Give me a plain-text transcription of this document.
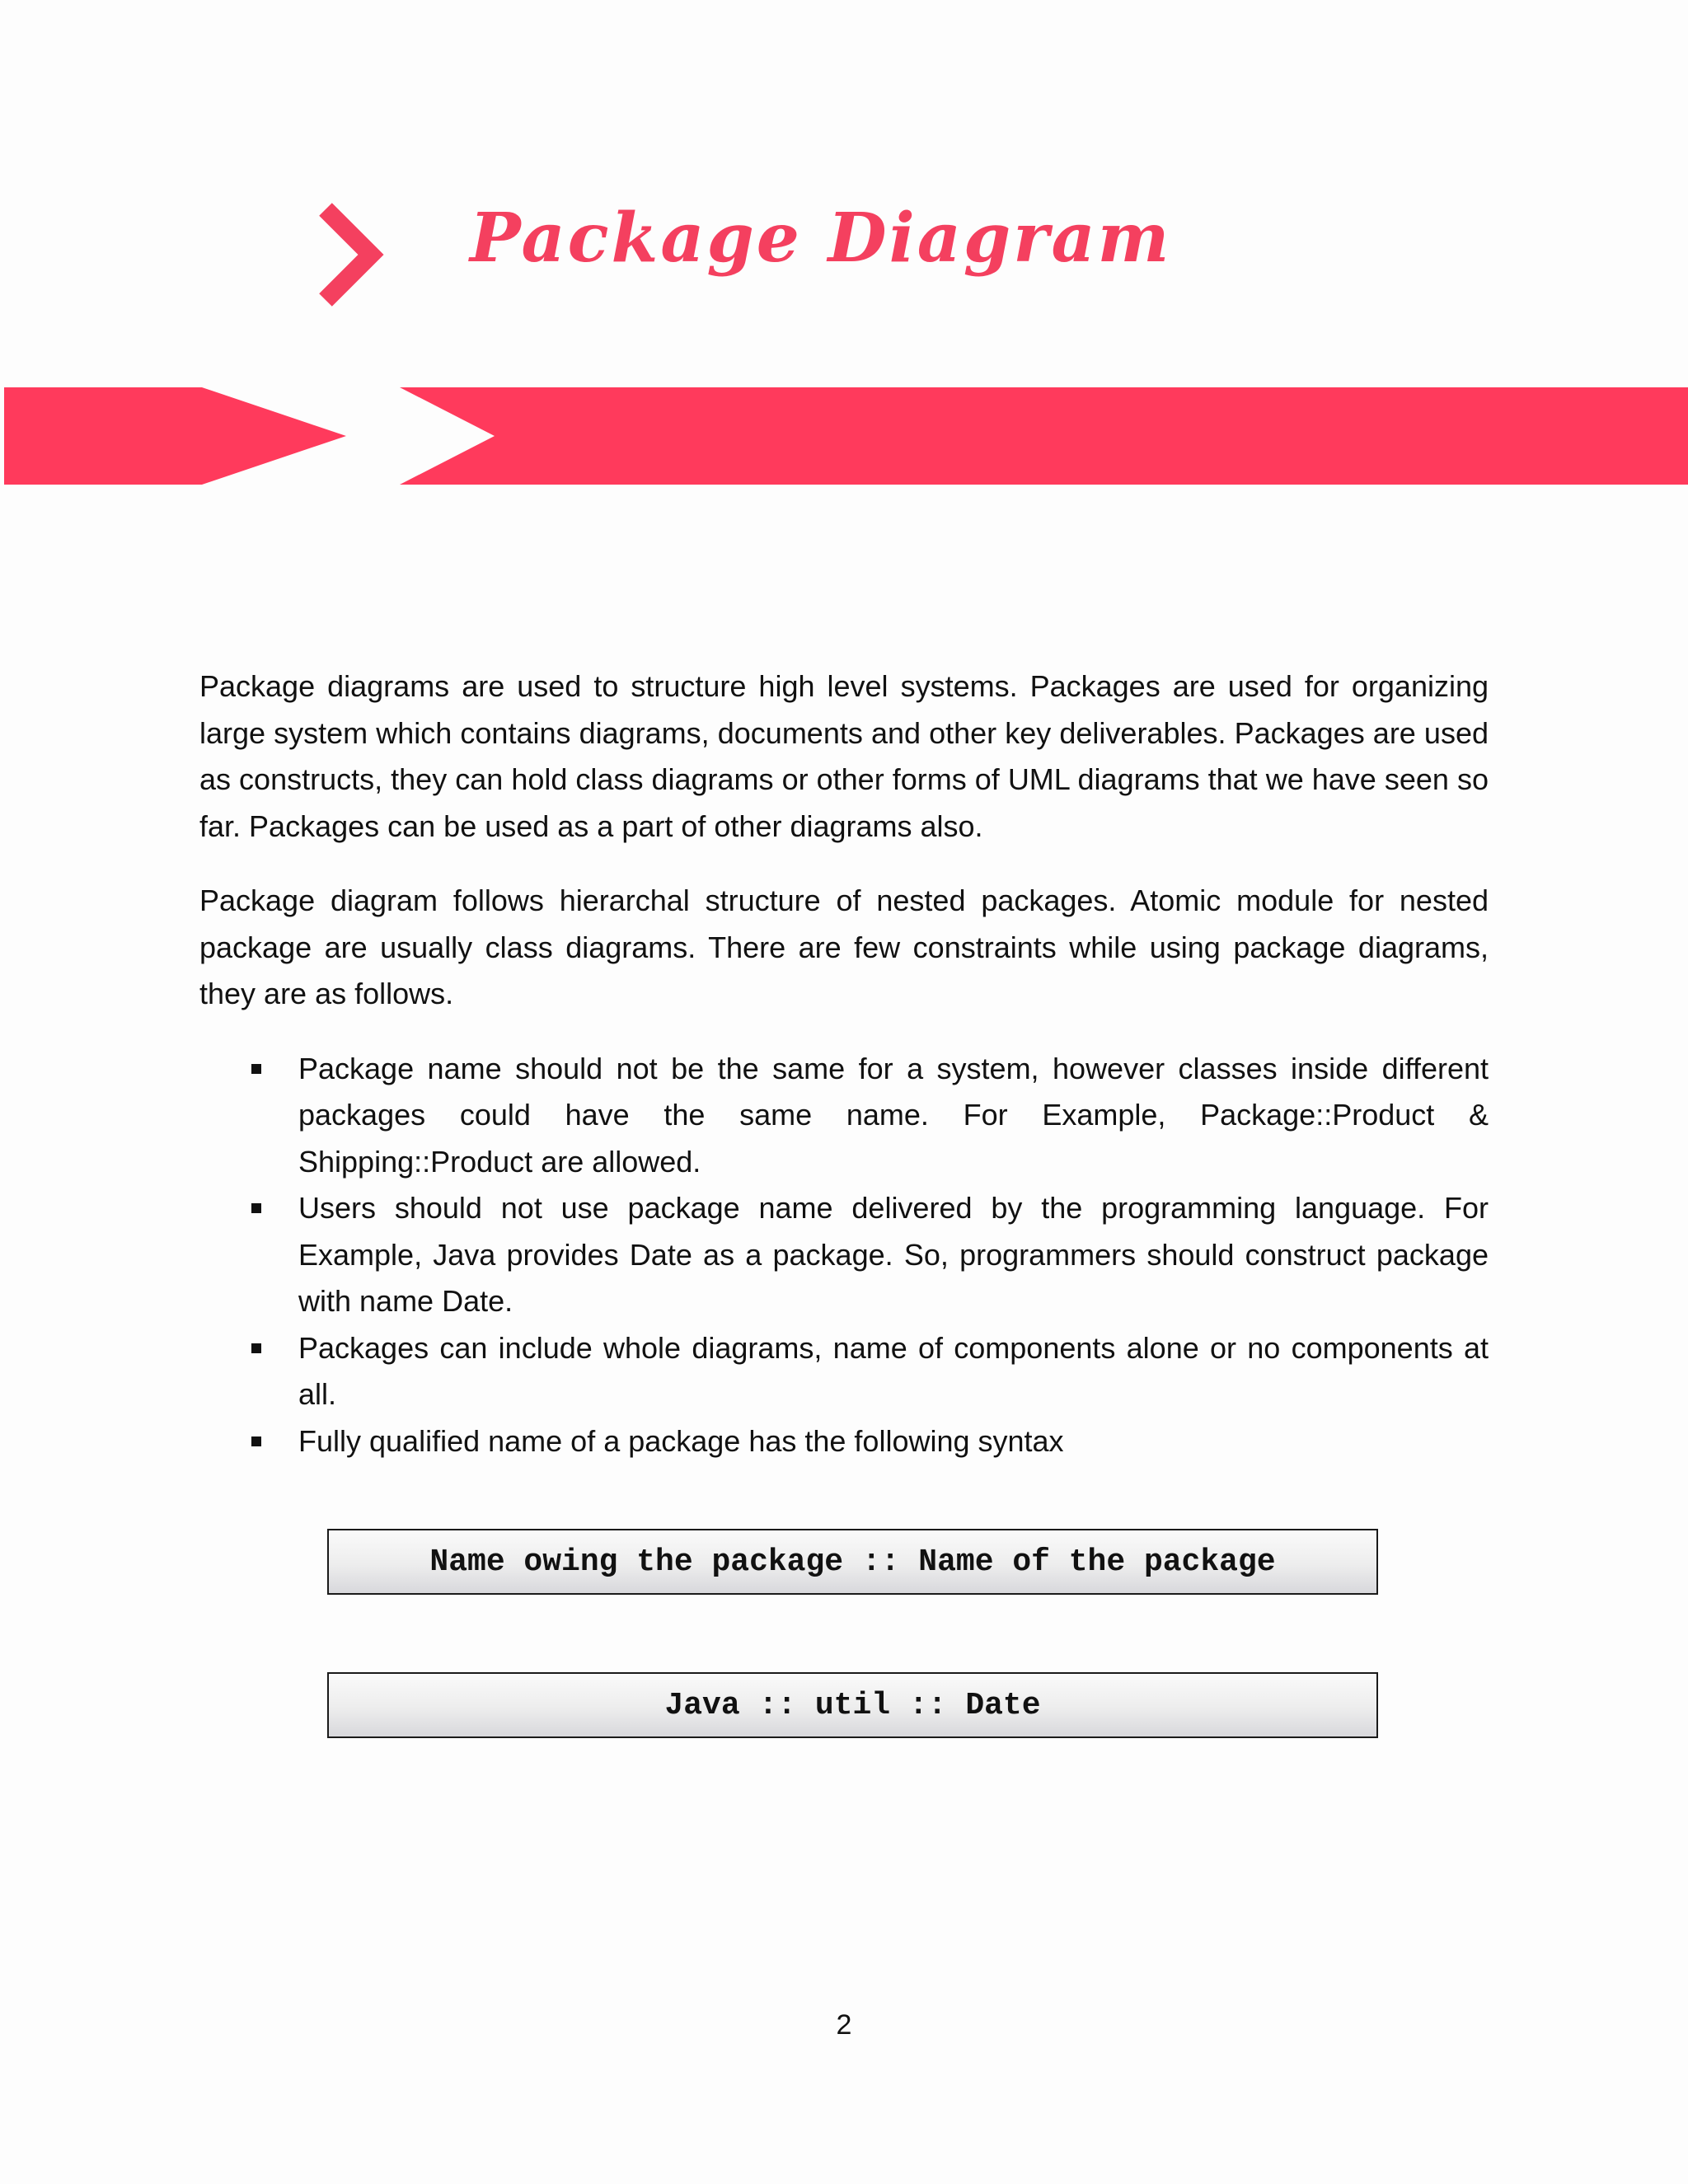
Package Diagram

Package diagrams are used to structure high level systems. Packages are used for organizing large system which contains diagrams, documents and other key deliverables. Packages are used as constructs, they can hold class diagrams or other forms of UML diagrams that we have seen so far. Packages can be used as a part of other diagrams also.

Package diagram follows hierarchal structure of nested packages. Atomic module for nested package are usually class diagrams. There are few constraints while using package diagrams, they are as follows.

Package name should not be the same for a system, however classes inside different packages could have the same name. For Example, Package::Product & Shipping::Product are allowed.
Users should not use package name delivered by the programming language. For Example, Java provides Date as a package. So, programmers should construct package with name Date.
Packages can include whole diagrams, name of components alone or no components at all.
Fully qualified name of a package has the following syntax
Name owing the package :: Name of the package
Java :: util :: Date
2
